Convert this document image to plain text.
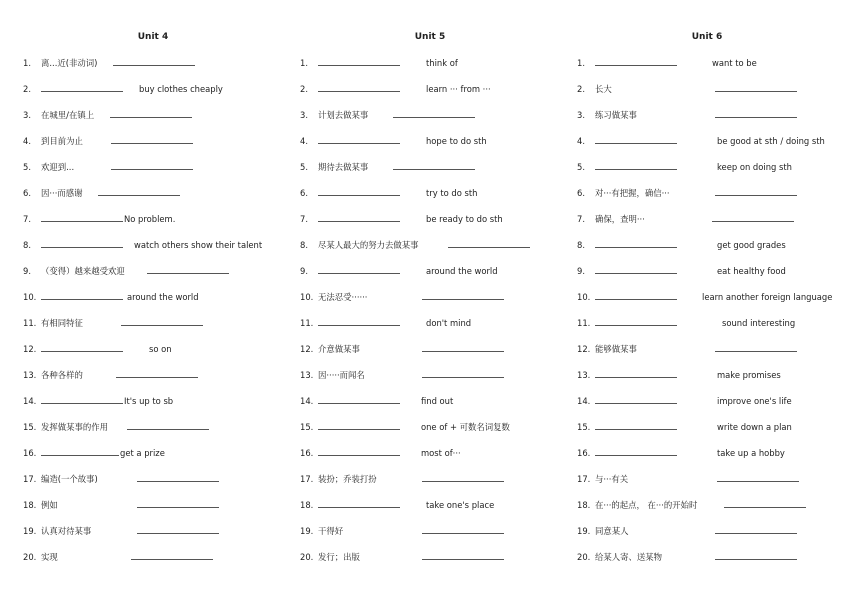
Unit 4
1.	离...近(非动词)
2.	buy clothes cheaply
3.	在城里/在镇上
4.	到目前为止
5.	欢迎到...
6.	因···而感谢
7.	No problem.
8.	watch others show their talent
9.	（变得）越来越受欢迎
10.	around the world
11. 有相同特征
12.	so on
13. 各种各样的
14.	It's up to sb
15. 发挥做某事的作用
16.	get a prize
17. 编造(一个故事)
18. 例如
19. 认真对待某事
20. 实现
Unit 5
1.	think of
2.	learn ··· from ···
3.	计划去做某事
4.	hope to do sth
5.	期待去做某事
6.	try to do sth
7.	be ready to do sth
8.	尽某人最大的努力去做某事
9.	around the world
10. 无法忍受······
11.	don't mind
12. 介意做某事
13. 因·····而闻名
14.	find out
15.	one of + 可数名词复数
16.	most of···
17. 装扮；乔装打扮
18.	take one's place
19. 干得好
20. 发行；出版
Unit 6
1.	want to be
2.	长大
3.	练习做某事
4.	be good at sth / doing sth
5.	keep on doing sth
6.	对···有把握，确信···
7.	确保，查明···
8.	get good grades
9.	eat healthy food
10.	learn another foreign language
11.	sound interesting
12. 能够做某事
13.	make promises
14.	improve one's life
15.	write down a plan
16.	take up a hobby
17. 与···有关
18. 在···的起点， 在···的开始时
19. 同意某人
20. 给某人寄、送某物
